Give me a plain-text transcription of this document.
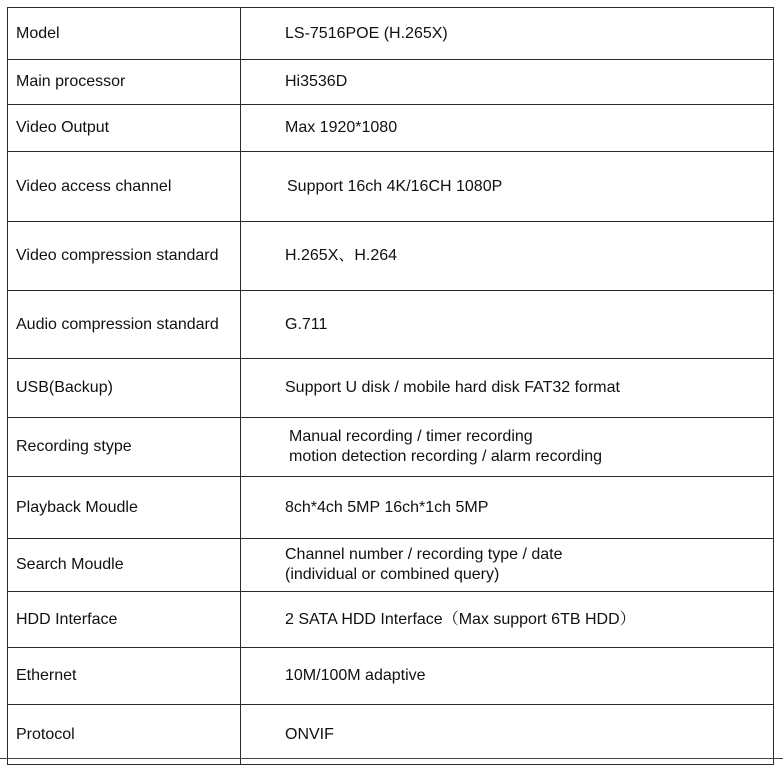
Model	LS-7516POE (H.265X)

Main processor	Hi3536D

Video Output	Max 1920*1080

Video access channel	Support 16ch 4K/16CH 1080P

Video compression standard	H.265X、H.264

Audio compression standard	G.711

USB(Backup)	Support U disk / mobile hard disk FAT32 format

Recording stype	Manual recording / timer recording
motion detection recording / alarm recording

Playback Moudle	8ch*4ch 5MP 16ch*1ch 5MP

Search Moudle	Channel number / recording type / date
(individual or combined query)

HDD Interface	2 SATA HDD Interface（Max support 6TB HDD）

Ethernet	10M/100M adaptive

Protocol	ONVIF
